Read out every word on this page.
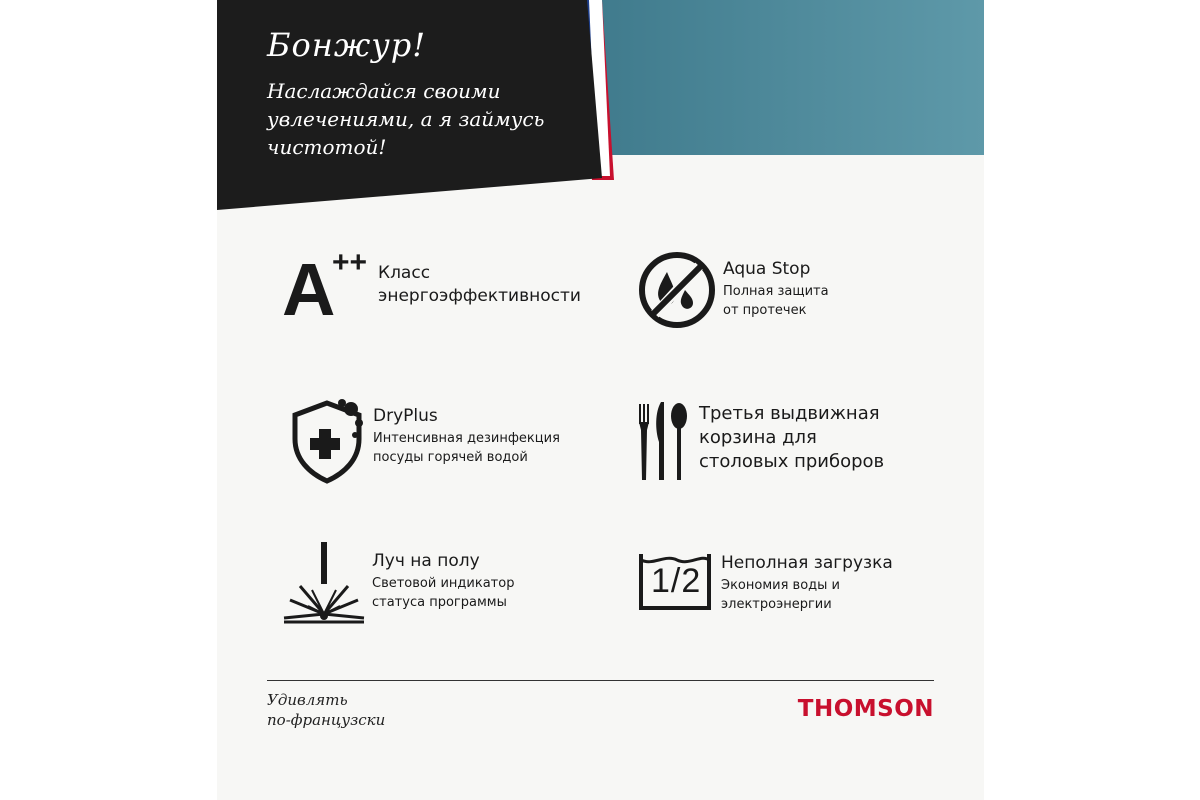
Бонжур!
Наслаждайся своими
увлечениями, а я займусь
чистотой!
A
++ Класс
энергоэффективности
Aqua Stop
Полная защита
от протечек
DryPlus
Интенсивная дезинфекция
посуды горячей водой
Третья выдвижная
корзина для
столовых приборов
Луч на полу
Световой индикатор
статуса программы
1/2 Неполная загрузка
Экономия воды и
электроэнергии
Удивлять
по-французски	THOMSON
